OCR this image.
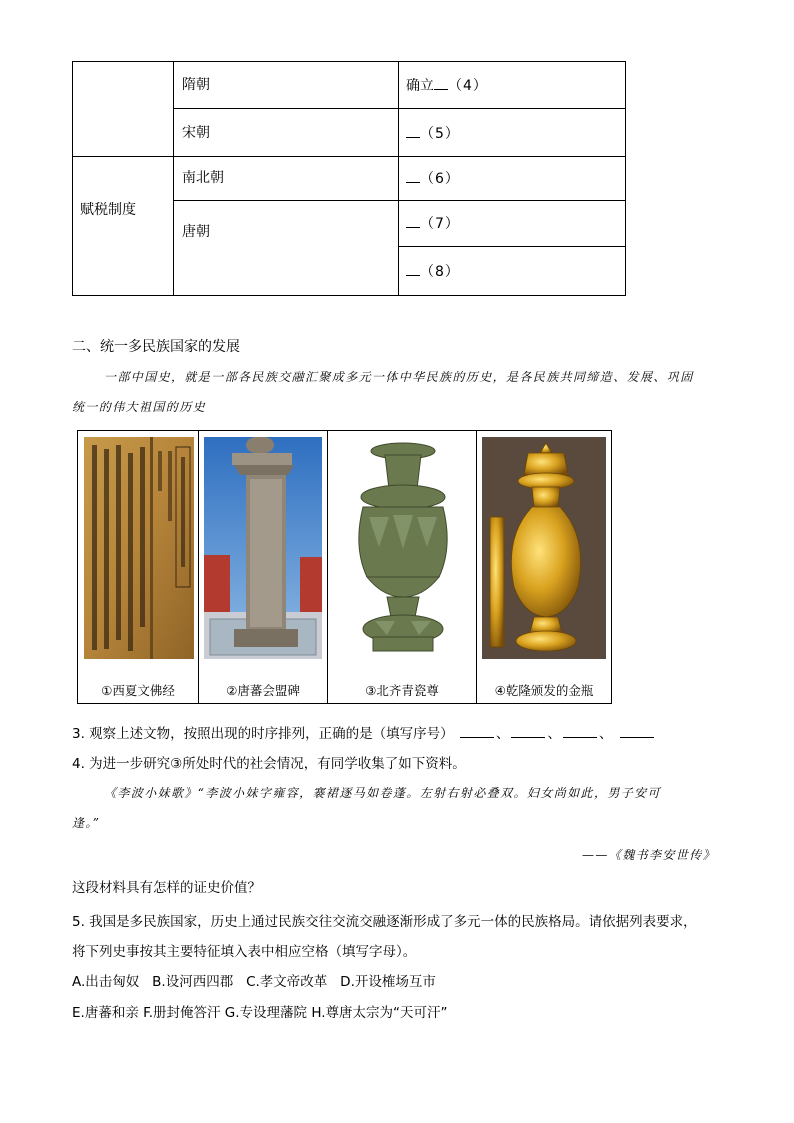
赋税制度
隋朝	确立 （4）
宋朝	（5）
南北朝	（6）
唐朝	（7）
（8）
二、统一多民族国家的发展
一部中国史，就是一部各民族交融汇聚成多元一体中华民族的历史，是各民族共同缔造、发展、巩固
统一的伟大祖国的历史
①西夏文佛经	②唐蕃会盟碑	③北齐青瓷尊	④乾隆颁发的金瓶
3. 观察上述文物，按照出现的时序排列，正确的是（填写序号）	、	、	、
4. 为进一步研究③所处时代的社会情况，有同学收集了如下资料。
《李波小妹歌》“李波小妹字雍容，褰裙逐马如卷蓬。左射右射必叠双。妇女尚如此，男子安可
逢。”
——《魏书李安世传》
这段材料具有怎样的证史价值？
5. 我国是多民族国家，历史上通过民族交往交流交融逐渐形成了多元一体的民族格局。请依据列表要求，
将下列史事按其主要特征填入表中相应空格（填写字母）。
A.出击匈奴   B.设河西四郡   C.孝文帝改革   D.开设榷场互市
E.唐蕃和亲 F.册封俺答汗 G.专设理藩院 H.尊唐太宗为“天可汗”
